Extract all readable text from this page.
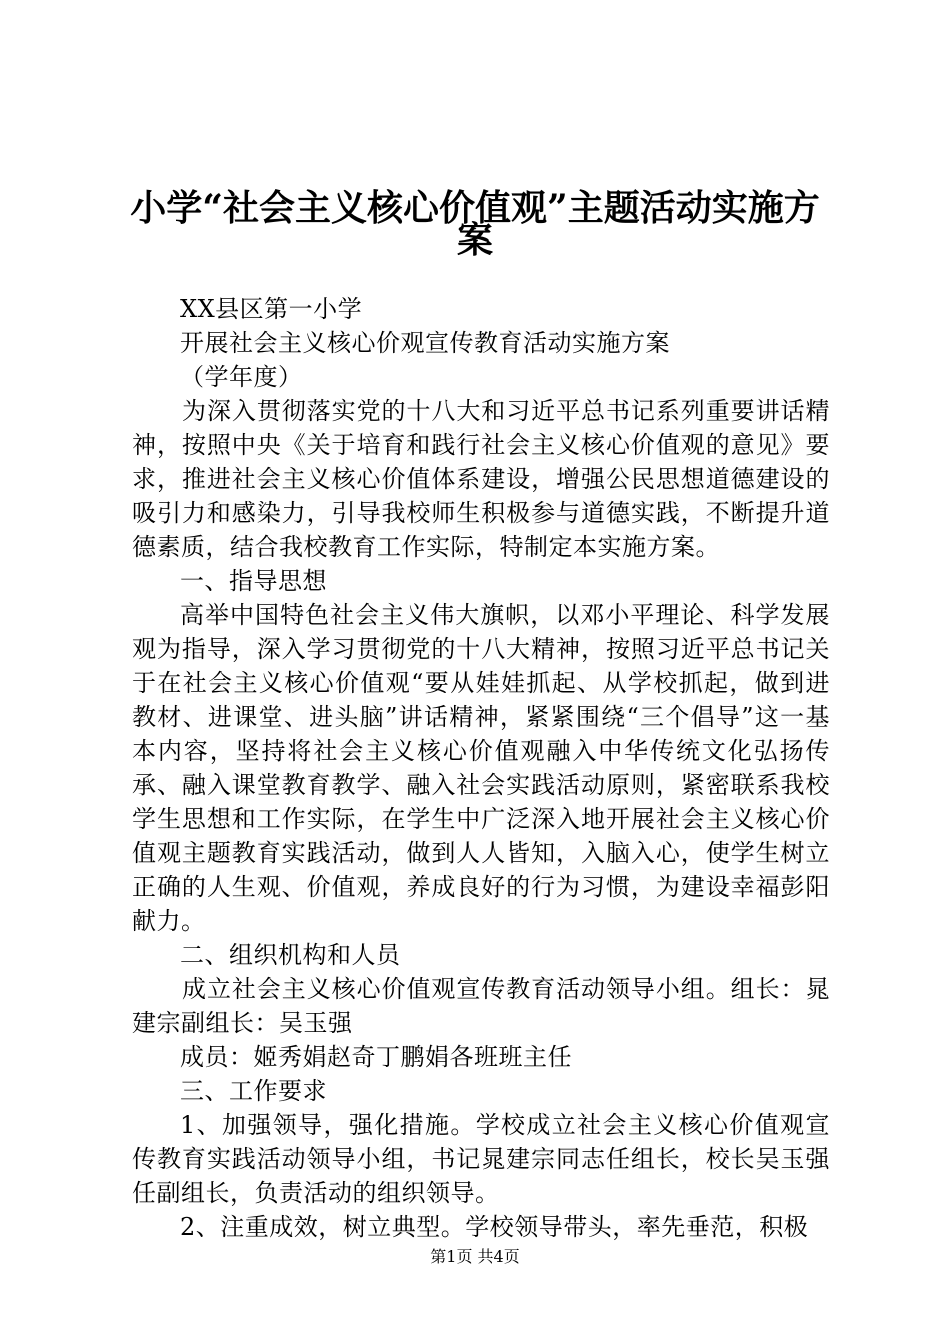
小学“社会主义核心价值观”主题活动实施方
案

XX县区第一小学

开展社会主义核心价观宣传教育活动实施方案

（学年度）

为深入贯彻落实党的十八大和习近平总书记系列重要讲话精神，按照中央《关于培育和践行社会主义核心价值观的意见》要求，推进社会主义核心价值体系建设，增强公民思想道德建设的吸引力和感染力，引导我校师生积极参与道德实践，不断提升道德素质，结合我校教育工作实际，特制定本实施方案。

一、指导思想

高举中国特色社会主义伟大旗帜，以邓小平理论、科学发展观为指导，深入学习贯彻党的十八大精神，按照习近平总书记关于在社会主义核心价值观“要从娃娃抓起、从学校抓起，做到进教材、进课堂、进头脑”讲话精神，紧紧围绕“三个倡导”这一基本内容，坚持将社会主义核心价值观融入中华传统文化弘扬传承、融入课堂教育教学、融入社会实践活动原则，紧密联系我校学生思想和工作实际，在学生中广泛深入地开展社会主义核心价值观主题教育实践活动，做到人人皆知，入脑入心，使学生树立正确的人生观、价值观，养成良好的行为习惯，为建设幸福彭阳献力。

二、组织机构和人员

成立社会主义核心价值观宣传教育活动领导小组。组长：晁建宗副组长：吴玉强

成员：姬秀娟赵奇丁鹏娟各班班主任

三、工作要求

1、加强领导，强化措施。学校成立社会主义核心价值观宣传教育实践活动领导小组，书记晁建宗同志任组长，校长吴玉强任副组长，负责活动的组织领导。

2、注重成效，树立典型。学校领导带头，率先垂范，积极

第1页 共4页
